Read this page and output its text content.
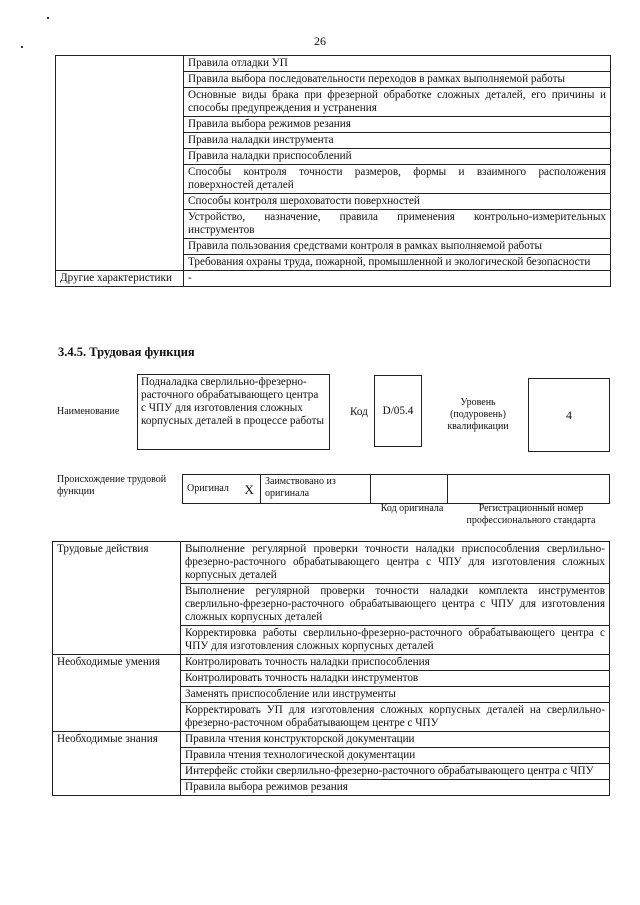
26
	Правила отладки УП
	Правила выбора последовательности переходов в рамках выполняемой работы
	Основные виды брака при фрезерной обработке сложных деталей, его причины и способы предупреждения и устранения
	Правила выбора режимов резания
	Правила наладки инструмента
	Правила наладки приспособлений
	Способы контроля точности размеров, формы и взаимного расположения поверхностей деталей
	Способы контроля шероховатости поверхностей
	Устройство, назначение, правила применения контрольно-измерительных инструментов
	Правила пользования средствами контроля в рамках выполняемой работы
	Требования охраны труда, пожарной, промышленной и экологической безопасности
Другие характеристики	-
3.4.5. Трудовая функция
Наименование
Подналадка сверлильно-фрезерно-расточного обрабатывающего центра с ЧПУ для изготовления сложных корпусных деталей в процессе работы
Код D/05.4
Уровень (подуровень) квалификации
4
Происхождение трудовой функции	Оригинал	X	Заимствовано из оригинала		
Код оригинала	Регистрационный номер профессионального стандарта
Трудовые действия	Выполнение регулярной проверки точности наладки приспособления сверлильно-фрезерно-расточного обрабатывающего центра с ЧПУ для изготовления сложных корпусных деталей
	Выполнение регулярной проверки точности наладки комплекта инструментов сверлильно-фрезерно-расточного обрабатывающего центра с ЧПУ для изготовления сложных корпусных деталей
	Корректировка работы сверлильно-фрезерно-расточного обрабатывающего центра с ЧПУ для изготовления сложных корпусных деталей
Необходимые умения	Контролировать точность наладки приспособления
	Контролировать точность наладки инструментов
	Заменять приспособление или инструменты
	Корректировать УП для изготовления сложных корпусных деталей на сверлильно-фрезерно-расточном обрабатывающем центре с ЧПУ
Необходимые знания	Правила чтения конструкторской документации
	Правила чтения технологической документации
	Интерфейс стойки сверлильно-фрезерно-расточного обрабатывающего центра с ЧПУ
	Правила выбора режимов резания
